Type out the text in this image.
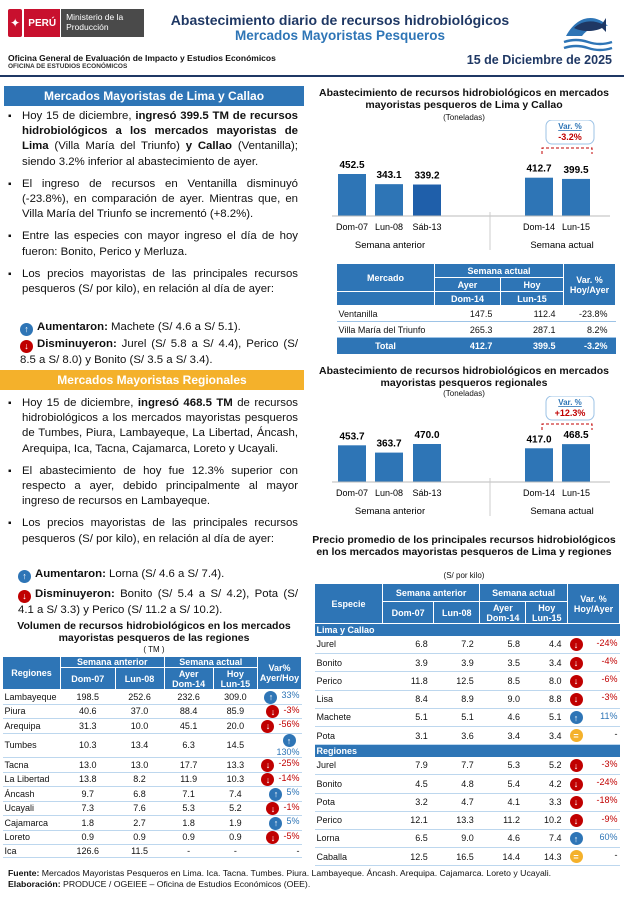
✦ PERÚ
Ministerio de la Producción	Abastecimiento diario de recursos hidrobiológicos
Mercados Mayoristas Pesqueros
Oficina General de Evaluación de Impacto y Estudios Económicos
OFICINA DE ESTUDIOS ECONÓMICOS	15 de Diciembre de 2025
Mercados Mayoristas de Lima y Callao
▪ Hoy 15 de diciembre, ingresó 399.5 TM de recursos hidrobiológicos a los mercados mayoristas de Lima (Villa María del Triunfo) y Callao (Ventanilla); siendo 3.2% inferior al abastecimiento de ayer.
▪ El ingreso de recursos en Ventanilla disminuyó (-23.8%), en comparación de ayer. Mientras que, en Villa María del Triunfo se incrementó (+8.2%).
▪ Entre las especies con mayor ingreso el día de hoy fueron: Bonito, Perico y Merluza.
▪ Los precios mayoristas de las principales recursos pesqueros (S/ por kilo), en relación al día de ayer:
↑ Aumentaron: Machete (S/ 4.6 a S/ 5.1).
↓ Disminuyeron: Jurel (S/ 5.8 a S/ 4.4), Perico (S/ 8.5 a S/ 8.0) y Bonito (S/ 3.5 a S/ 3.4).
Mercados Mayoristas Regionales
▪ Hoy 15 de diciembre, ingresó 468.5 TM de recursos hidrobiológicos a los mercados mayoristas pesqueros de Tumbes, Piura, Lambayeque, La Libertad, Áncash, Arequipa, Ica, Tacna, Cajamarca, Loreto y Ucayali.
▪ El abastecimiento de hoy fue 12.3% superior con respecto a ayer, debido principalmente al mayor ingreso de recursos en Lambayeque.
▪ Los precios mayoristas de las principales recursos pesqueros (S/ por kilo), en relación al día de ayer:
↑ Aumentaron: Lorna (S/ 4.6 a S/ 7.4).
↓ Disminuyeron: Bonito (S/ 5.4 a S/ 4.2), Pota (S/ 4.1 a S/ 3.3) y Perico (S/ 11.2 a S/ 10.2).
Volumen de recursos hidrobiológicos en los mercados mayoristas pesqueros de las regiones
( TM )
Regiones	Semana anterior		Semana actual		Var% Ayer/Hoy
	Dom-07	Lun-08	Ayer
Dom-14	Hoy
Lun-15	
Lambayeque	198.5	252.6	232.6	309.0	↑ 33%
Piura	40.6	37.0	88.4	85.9	↓ -3%
Arequipa	31.3	10.0	45.1	20.0	↓ -56%
Tumbes	10.3	13.4	6.3	14.5	↑130%
Tacna	13.0	13.0	17.7	13.3	↓ -25%
La Libertad	13.8	8.2	11.9	10.3	↓ -14%
Áncash	9.7	6.8	7.1	7.4	↑ 5%
Ucayali	7.3	7.6	5.3	5.2	↓ -1%
Cajamarca	1.8	2.7	1.8	1.9	↑ 5%
Loreto	0.9	0.9	0.9	0.9	↓ -5%
Ica	126.6	11.5	-	-	-
Abastecimiento de recursos hidrobiológicos en mercados mayoristas pesqueros de Lima y Callao
(Toneladas)
452.5
Dom-07
343.1
Lun-08
339.2
Sáb-13
412.7
Dom-14
399.5
Lun-15
Semana anterior	Semana actual
Var. %
-3.2%
Mercado	Semana actual		Var. % Hoy/Ayer
	Ayer	Hoy	
	Dom-14	Lun-15	
Ventanilla	147.5	112.4	-23.8%
Villa María del Triunfo	265.3	287.1	8.2%
Total	412.7	399.5	-3.2%
Abastecimiento de recursos hidrobiológicos en mercados mayoristas pesqueros regionales
(Toneladas)
453.7
Dom-07
363.7
Lun-08
470.0
Sáb-13
417.0
Dom-14
468.5
Lun-15
Semana anterior	Semana actual
Var. %
+12.3%
Precio promedio de los principales recursos hidrobiológicos en los mercados mayoristas pesqueros de Lima y regiones
(S/ por kilo)
Especie	Semana anterior		Semana actual		Var. % Hoy/Ayer
	Dom-07	Lun-08	Ayer
Dom-14	Hoy
Lun-15	
Lima y Callao					
Jurel	6.8	7.2	5.8	4.4	↓ -24%

Bonito	3.9	3.9	3.5	3.4	↓ -4%

Perico	11.8	12.5	8.5	8.0	↓ -6%

Lisa	8.4	8.9	9.0	8.8	↓ -3%

Machete	5.1	5.1	4.6	5.1	↑ 11%

Pota	3.1	3.6	3.4	3.4	= -

Regiones					
Jurel	7.9	7.7	5.3	5.2	↓ -3%

Bonito	4.5	4.8	5.4	4.2	↓ -24%

Pota	3.2	4.7	4.1	3.3	↓ -18%

Perico	12.1	13.3	11.2	10.2	↓ -9%

Lorna	6.5	9.0	4.6	7.4	↑ 60%

Caballa	12.5	16.5	14.4	14.3	= -
Fuente: Mercados Mayoristas Pesqueros en Lima. Ica. Tacna. Tumbes. Piura. Lambayeque. Áncash. Arequipa. Cajamarca. Loreto y Ucayali.
Elaboración: PRODUCE / OGEIEE – Oficina de Estudios Económicos (OEE).
